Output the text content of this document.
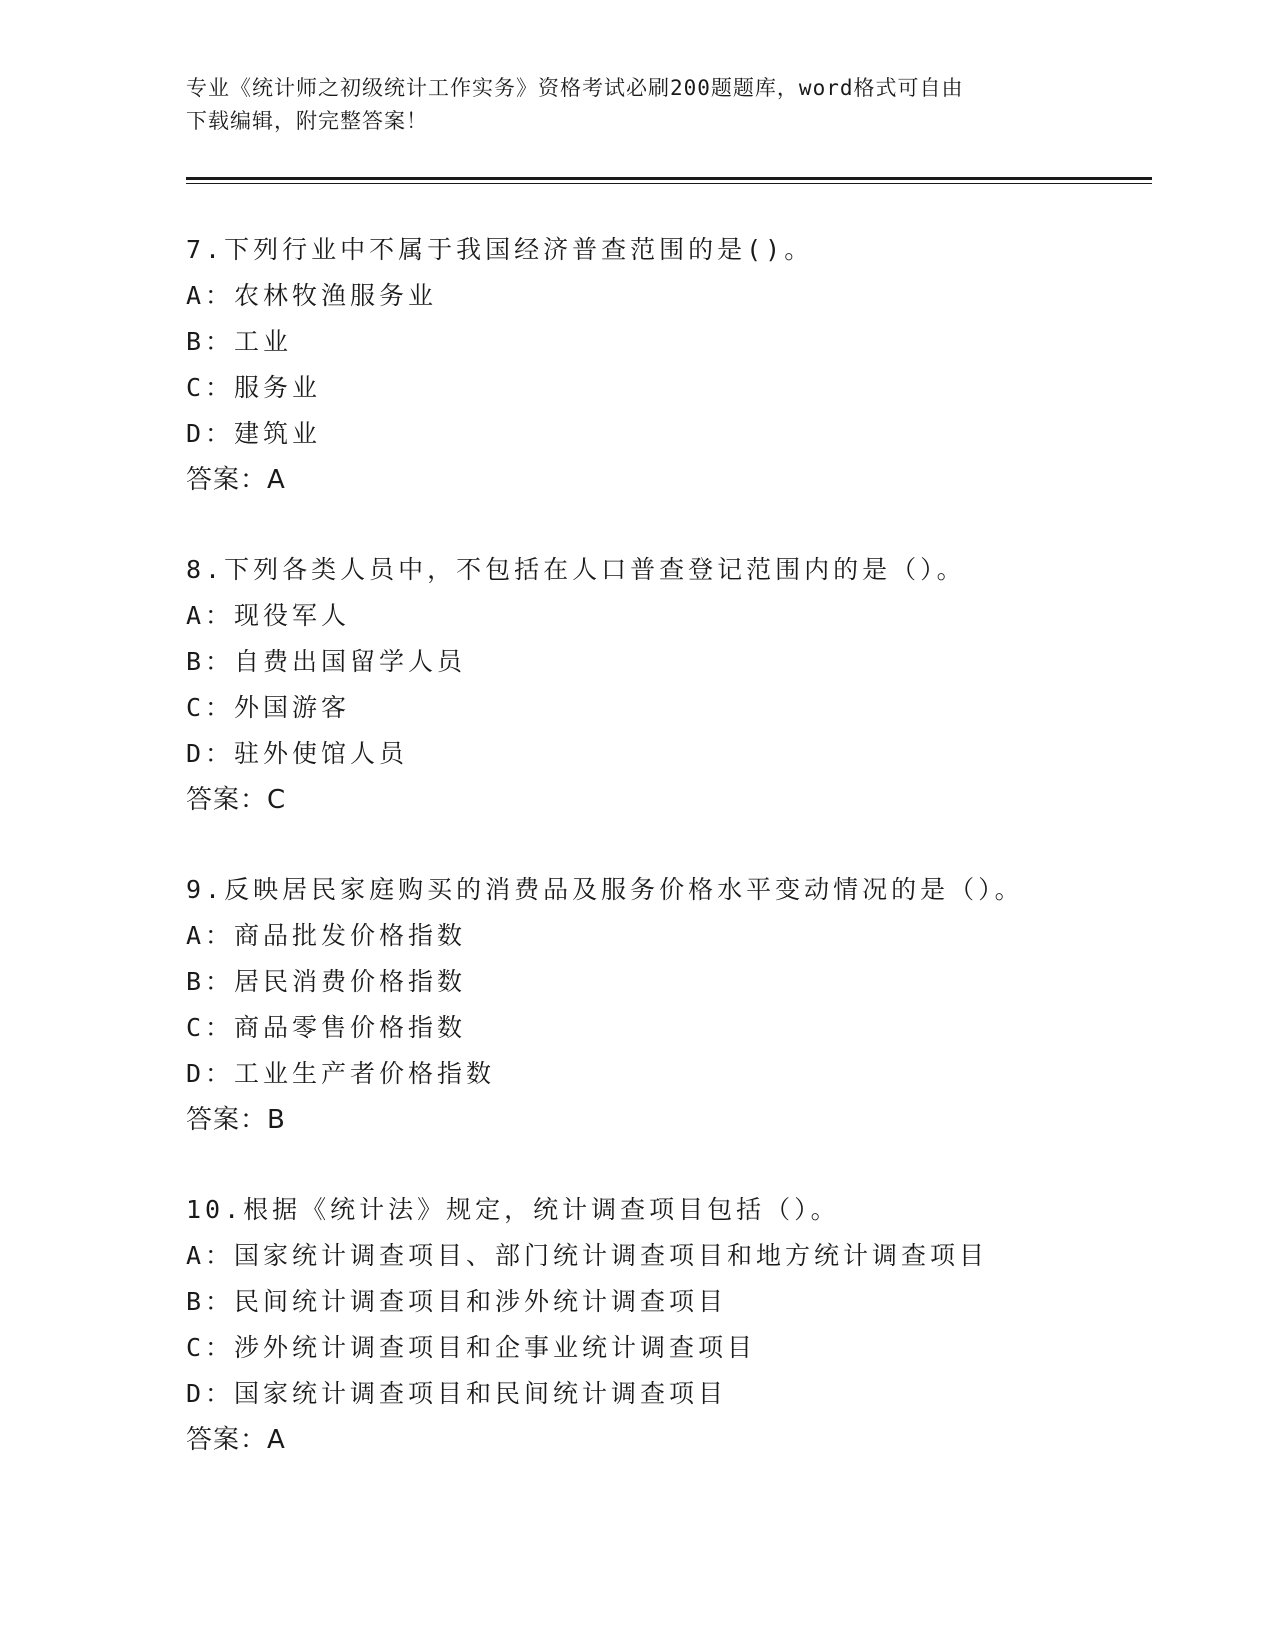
专业《统计师之初级统计工作实务》资格考试必刷200题题库，word格式可自由
下载编辑，附完整答案！
7.下列行业中不属于我国经济普查范围的是()。
A：农林牧渔服务业
B：工业
C：服务业
D：建筑业
答案：A
8.下列各类人员中，不包括在人口普查登记范围内的是（）。
A：现役军人
B：自费出国留学人员
C：外国游客
D：驻外使馆人员
答案：C
9.反映居民家庭购买的消费品及服务价格水平变动情况的是（）。
A：商品批发价格指数
B：居民消费价格指数
C：商品零售价格指数
D：工业生产者价格指数
答案：B
10.根据《统计法》规定，统计调查项目包括（）。
A：国家统计调查项目、部门统计调查项目和地方统计调查项目
B：民间统计调查项目和涉外统计调查项目
C：涉外统计调查项目和企事业统计调查项目
D：国家统计调查项目和民间统计调查项目
答案：A
